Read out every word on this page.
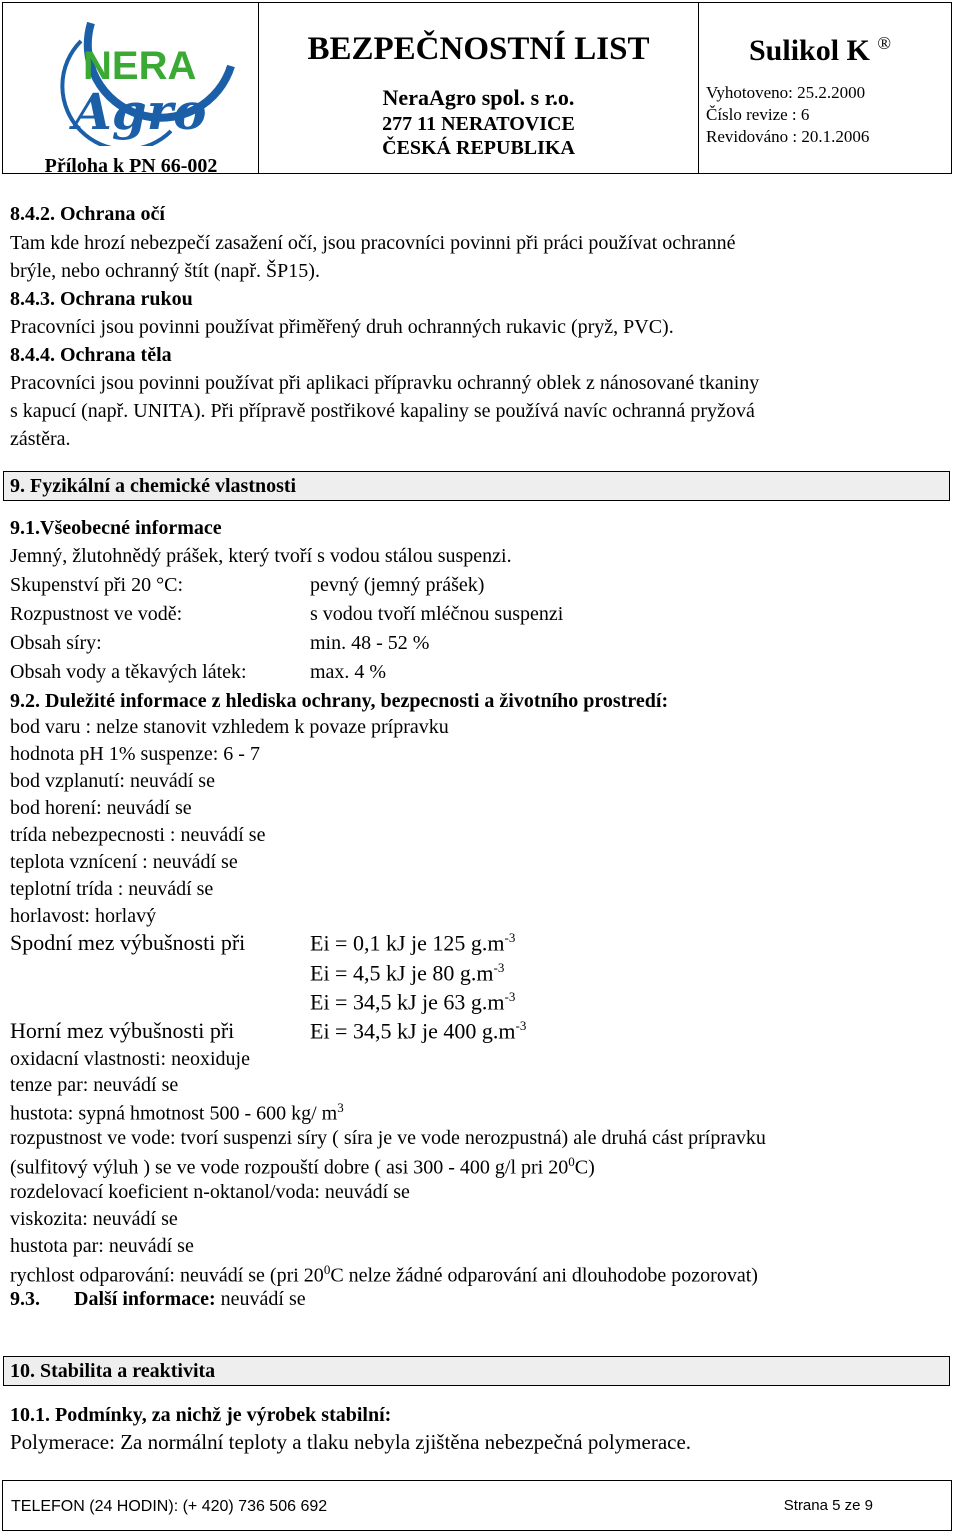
NERA
Agro
Příloha k PN 66-002
BEZPEČNOSTNÍ LIST
NeraAgro spol. s r.o.
277 11 NERATOVICE
ČESKÁ REPUBLIKA
Sulikol K ®
Vyhotoveno: 25.2.2000
Číslo revize : 6
Revidováno : 20.1.2006
8.4.2. Ochrana očí
Tam kde hrozí nebezpečí zasažení očí, jsou pracovníci povinni při práci používat ochranné
brýle, nebo ochranný štít (např. ŠP15).
8.4.3. Ochrana rukou
Pracovníci jsou povinni používat přiměřený druh ochranných rukavic (pryž, PVC).
8.4.4. Ochrana těla
Pracovníci jsou povinni používat při aplikaci přípravku ochranný oblek z nánosované tkaniny
s kapucí (např. UNITA). Při přípravě postřikové kapaliny se používá navíc ochranná pryžová
zástěra.
9. Fyzikální a chemické vlastnosti
9.1.Všeobecné informace
Jemný, žlutohnědý prášek, který tvoří s vodou stálou suspenzi.
Skupenství při 20 °C:	pevný (jemný prášek)
Rozpustnost ve vodě:	s vodou tvoří mléčnou suspenzi
Obsah síry:	min. 48 - 52 %
Obsah vody a těkavých látek:	max. 4 %
9.2. Duležité informace z hlediska ochrany, bezpecnosti a životního prostredí:
bod varu : nelze stanovit vzhledem k povaze prípravku
hodnota pH 1% suspenze: 6 - 7
bod vzplanutí: neuvádí se
bod horení: neuvádí se
trída nebezpecnosti : neuvádí se
teplota vznícení : neuvádí se
teplotní trída : neuvádí se
horlavost: horlavý
Spodní mez výbušnosti při	Ei = 0,1 kJ je 125 $g.m^{-3}$
Ei = 4,5 kJ je 80 $g.m^{-3}$
Ei = 34,5 kJ je 63 $g.m^{-3}$
Horní mez výbušnosti při	Ei = 34,5 kJ je 400 $g.m^{-3}$
oxidacní vlastnosti: neoxiduje
tenze par: neuvádí se
hustota: sypná hmotnost 500 - 600 kg/ $m^3$
rozpustnost ve vode: tvorí suspenzi síry ( síra je ve vode nerozpustná) ale druhá cást prípravku
(sulfitový výluh ) se ve vode rozpouští dobre ( asi 300 - 400 g/l pri $20^0C$)
rozdelovací koeficient n-oktanol/voda: neuvádí se
viskozita: neuvádí se
hustota par: neuvádí se
rychlost odparování: neuvádí se (pri $20^0C$ nelze žádné odparování ani dlouhodobe pozorovat)
9.3. Další informace: neuvádí se
10. Stabilita a reaktivita
10.1. Podmínky, za nichž je výrobek stabilní:
Polymerace: Za normální teploty a tlaku nebyla zjištěna nebezpečná polymerace.
TELEFON (24 HODIN): (+ 420) 736 506 692	Strana 5 ze 9
